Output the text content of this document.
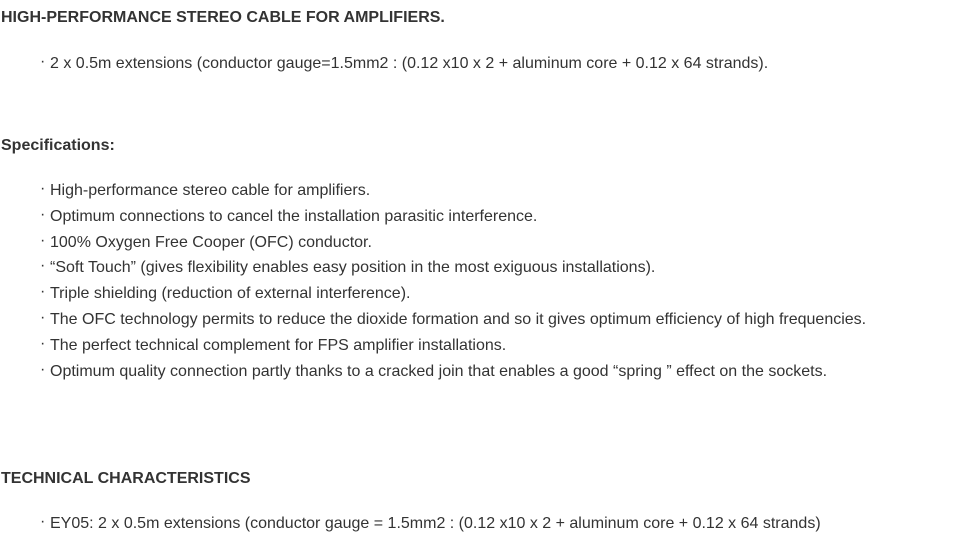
HIGH-PERFORMANCE STEREO CABLE FOR AMPLIFIERS.
· 2 x 0.5m extensions (conductor gauge=1.5mm2 : (0.12 x10 x 2 + aluminum core + 0.12 x 64 strands).
Specifications:
· High-performance stereo cable for amplifiers.
· Optimum connections to cancel the installation parasitic interference.
· 100% Oxygen Free Cooper (OFC) conductor.
· “Soft Touch” (gives flexibility enables easy position in the most exiguous installations).
· Triple shielding (reduction of external interference).
· The OFC technology permits to reduce the dioxide formation and so it gives optimum efficiency of high frequencies.
· The perfect technical complement for FPS amplifier installations.
· Optimum quality connection partly thanks to a cracked join that enables a good “spring ” effect on the sockets.
TECHNICAL CHARACTERISTICS
· EY05: 2 x 0.5m extensions (conductor gauge = 1.5mm2 : (0.12 x10 x 2 + aluminum core + 0.12 x 64 strands)
